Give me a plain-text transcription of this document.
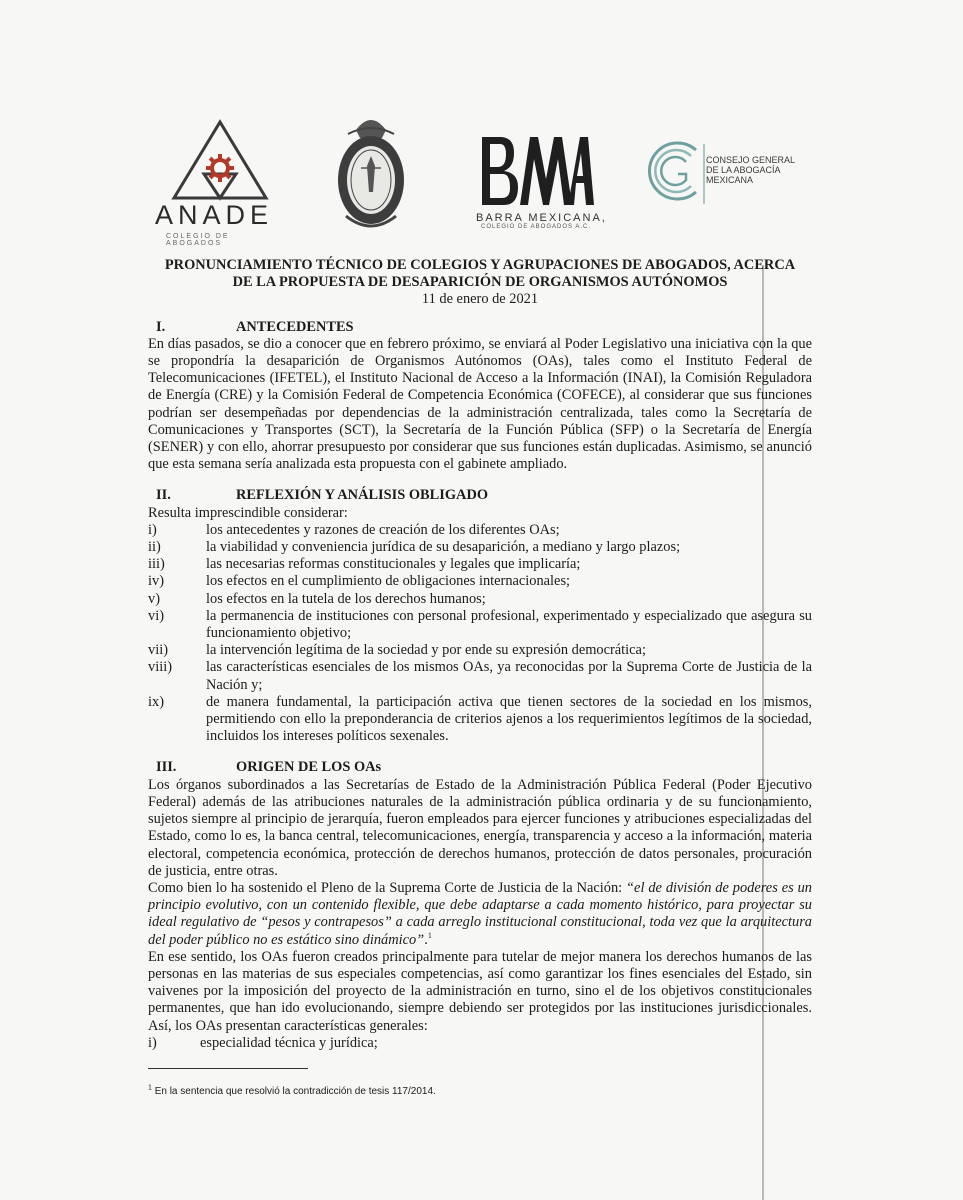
ANADE
COLEGIO DE ABOGADOS
BARRA MEXICANA,
COLEGIO DE ABOGADOS A.C.
CONSEJO GENERAL
DE LA ABOGACÍA
MEXICANA
PRONUNCIAMIENTO TÉCNICO DE COLEGIOS Y AGRUPACIONES DE ABOGADOS, ACERCA
DE LA PROPUESTA DE DESAPARICIÓN DE ORGANISMOS AUTÓNOMOS
11 de enero de 2021
I.	ANTECEDENTES
En días pasados, se dio a conocer que en febrero próximo, se enviará al Poder Legislativo una iniciativa con la que se propondría la desaparición de Organismos Autónomos (OAs), tales como el Instituto Federal de Telecomunicaciones (IFETEL), el Instituto Nacional de Acceso a la Información (INAI), la Comisión Reguladora de Energía (CRE) y la Comisión Federal de Competencia Económica (COFECE), al considerar que sus funciones podrían ser desempeñadas por dependencias de la administración centralizada, tales como la Secretaría de Comunicaciones y Transportes (SCT), la Secretaría de la Función Pública (SFP) o la Secretaría de Energía (SENER) y con ello, ahorrar presupuesto por considerar que sus funciones están duplicadas. Asimismo, se anunció que esta semana sería analizada esta propuesta con el gabinete ampliado.
II.	REFLEXIÓN Y ANÁLISIS OBLIGADO
Resulta imprescindible considerar:
i)	los antecedentes y razones de creación de los diferentes OAs;
ii)	la viabilidad y conveniencia jurídica de su desaparición, a mediano y largo plazos;
iii)	las necesarias reformas constitucionales y legales que implicaría;
iv)	los efectos en el cumplimiento de obligaciones internacionales;
v)	los efectos en la tutela de los derechos humanos;
vi)	la permanencia de instituciones con personal profesional, experimentado y especializado que asegura su funcionamiento objetivo;
vii)	la intervención legítima de la sociedad y por ende su expresión democrática;
viii)	las características esenciales de los mismos OAs, ya reconocidas por la Suprema Corte de Justicia de la Nación y;
ix)	de manera fundamental, la participación activa que tienen sectores de la sociedad en los mismos, permitiendo con ello la preponderancia de criterios ajenos a los requerimientos legítimos de la sociedad, incluidos los intereses políticos sexenales.
III.	ORIGEN DE LOS OAs
Los órganos subordinados a las Secretarías de Estado de la Administración Pública Federal (Poder Ejecutivo Federal) además de las atribuciones naturales de la administración pública ordinaria y de su funcionamiento, sujetos siempre al principio de jerarquía, fueron empleados para ejercer funciones y atribuciones especializadas del Estado, como lo es, la banca central, telecomunicaciones, energía, transparencia y acceso a la información, materia electoral, competencia económica, protección de derechos humanos, protección de datos personales, procuración de justicia, entre otras.
Como bien lo ha sostenido el Pleno de la Suprema Corte de Justicia de la Nación: “el de división de poderes es un principio evolutivo, con un contenido flexible, que debe adaptarse a cada momento histórico, para proyectar su ideal regulativo de “pesos y contrapesos” a cada arreglo institucional constitucional, toda vez que la arquitectura del poder público no es estático sino dinámico”.$^1$
En ese sentido, los OAs fueron creados principalmente para tutelar de mejor manera los derechos humanos de las personas en las materias de sus especiales competencias, así como garantizar los fines esenciales del Estado, sin vaivenes por la imposición del proyecto de la administración en turno, sino el de los objetivos constitucionales permanentes, que han ido evolucionando, siempre debiendo ser protegidos por las instituciones jurisdiccionales. Así, los OAs presentan características generales:
i)	especialidad técnica y jurídica;
$^1$ En la sentencia que resolvió la contradicción de tesis 117/2014.
